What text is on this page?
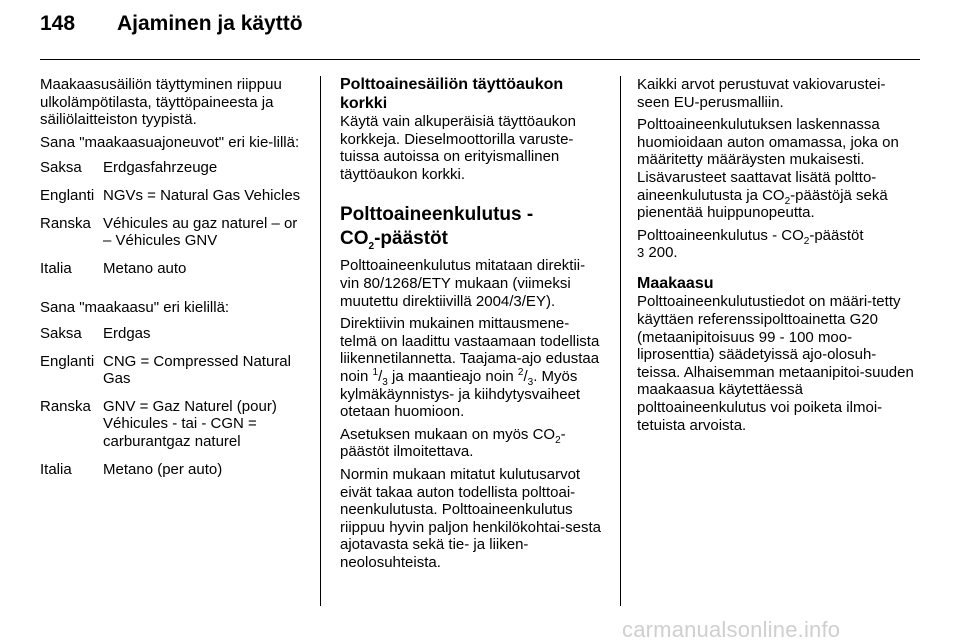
148 Ajaminen ja käyttö

Maakaasusäiliön täyttyminen riippuu ulkolämpötilasta, täyttöpaineesta ja säiliölaitteiston tyypistä.

Sana "maakaasuajoneuvot" eri kie-lillä:

Saksa	Erdgasfahrzeuge
Englanti	NGVs = Natural Gas Vehicles
Ranska	Véhicules au gaz naturel – or – Véhicules GNV
Italia	Metano auto

Sana "maakaasu" eri kielillä:

Saksa	Erdgas
Englanti	CNG = Compressed Natural Gas
Ranska	GNV = Gaz Naturel (pour) Véhicules - tai - CGN = carburantgaz naturel
Italia	Metano (per auto)
Polttoainesäiliön täyttöaukon korkki

Käytä vain alkuperäisiä täyttöaukon korkkeja. Dieselmoottorilla varuste-tuissa autoissa on erityismallinen täyttöaukon korkki.

Polttoaineenkulutus -
$CO_2$-päästöt

Polttoaineenkulutus mitataan direktii-vin 80/1268/ETY mukaan (viimeksi muutettu direktiivillä 2004/3/EY).

Direktiivin mukainen mittausmene-telmä on laadittu vastaamaan todellista liikennetilannetta. Taajama-ajo edustaa noin $^1/_3$ ja maantieajo noin $^2/_3$. Myös kylmäkäynnistys- ja kiihdytysvaiheet otetaan huomioon.

Asetuksen mukaan on myös $CO_2$-päästöt ilmoitettava.

Normin mukaan mitatut kulutusarvot eivät takaa auton todellista polttoai-neenkulutusta. Polttoaineenkulutus riippuu hyvin paljon henkilökohtai-sesta ajotavasta sekä tie- ja liiken-neolosuhteista.

Kaikki arvot perustuvat vakiovarustei-seen EU-perusmalliin.

Polttoaineenkulutuksen laskennassa huomioidaan auton omamassa, joka on määritetty määräysten mukaisesti. Lisävarusteet saattavat lisätä poltto-aineenkulutusta ja $CO_2$-päästöjä sekä pienentää huippunopeutta.

Polttoaineenkulutus - $CO_2$-päästöt
3 200.

Maakaasu

Polttoaineenkulutustiedot on määri-tetty käyttäen referenssipolttoainetta G20 (metaanipitoisuus 99 - 100 moo-liprosenttia) säädetyissä ajo-olosuh-teissa. Alhaisemman metaanipitoi-suuden maakaasua käytettäessä polttoaineenkulutus voi poiketa ilmoi-tetuista arvoista.

carmanualsonline.info
